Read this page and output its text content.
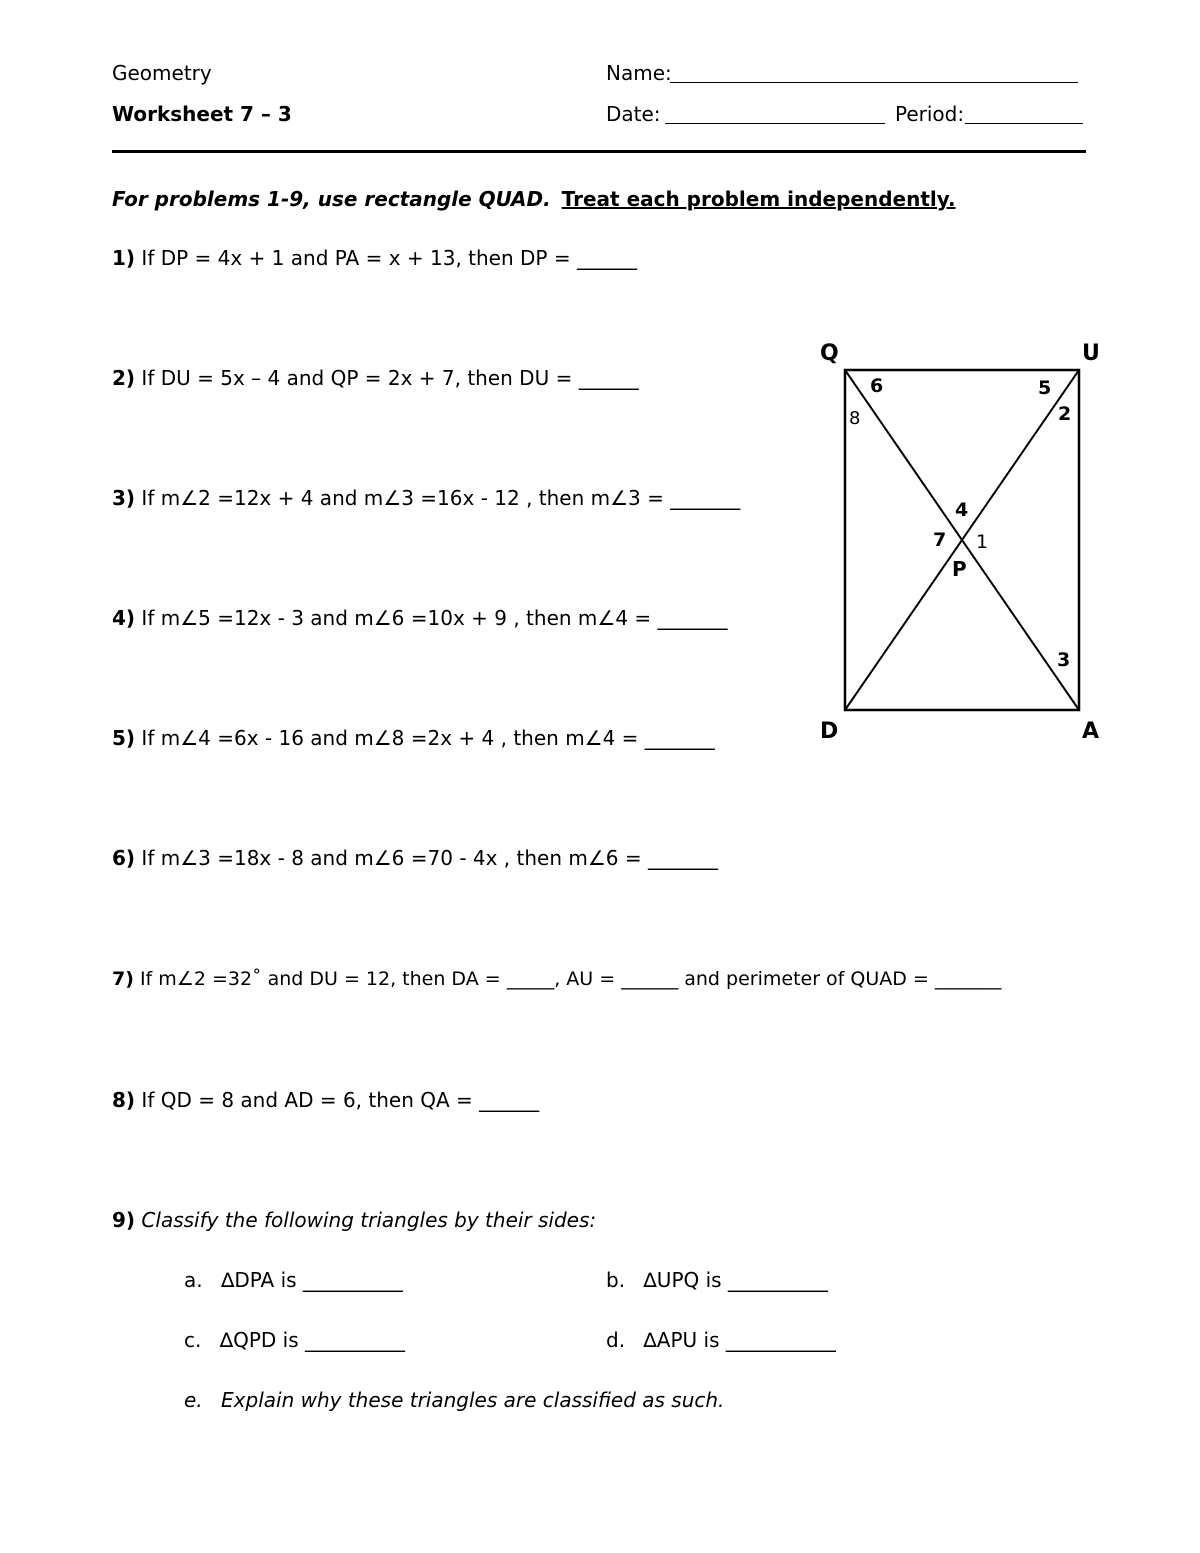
Geometry
Worksheet 7 – 3
Name:
Date:	Period:
For problems 1-9, use rectangle QUAD. Treat each problem independently.
1) If DP = 4x + 1 and PA = x + 13, then DP = ______
2) If DU = 5x – 4 and QP = 2x + 7, then DU = ______
3) If m∠2 =12x + 4 and m∠3 =16x - 12 , then m∠3 = _______
4) If m∠5 =12x - 3 and m∠6 =10x + 9 , then m∠4 = _______
5) If m∠4 =6x - 16 and m∠8 =2x + 4 , then m∠4 = _______
6) If m∠3 =18x - 8 and m∠6 =70 - 4x , then m∠6 = _______
7) If m∠2 =32˚ and DU = 12, then DA = _____, AU = ______ and perimeter of QUAD = _______
8) If QD = 8 and AD = 6, then QA = ______
9) Classify the following triangles by their sides:
a. ∆DPA is __________	b. ∆UPQ is __________
c. ∆QPD is __________	d. ∆APU is ___________
e. Explain why these triangles are classified as such.
Q	U
D	A
P
6
8
5
2
4
7 1
3
